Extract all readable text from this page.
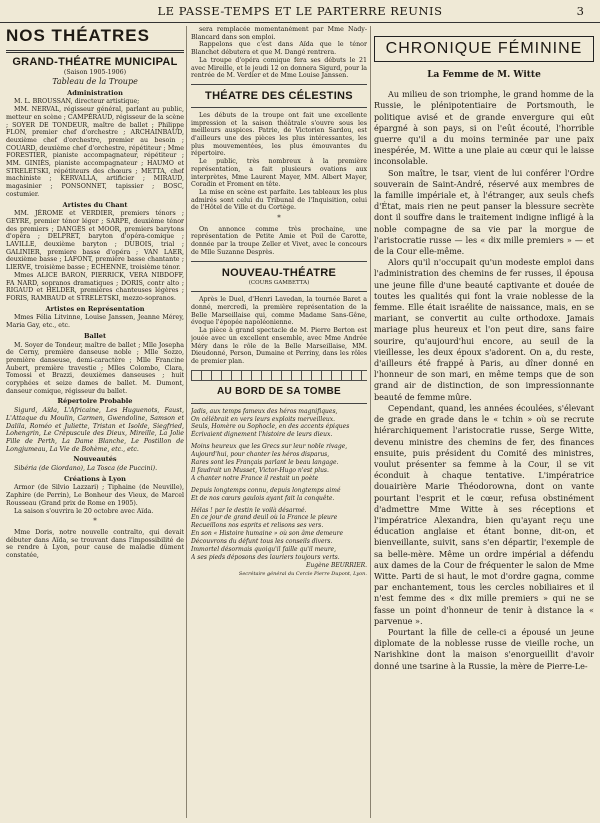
LE PASSE-TEMPS ET LE PARTERRE REUNIS	3

NOS THÉATRES

GRAND-THÉATRE MUNICIPAL

(Saison 1905-1906)

Tableau de la Troupe

Administration

M. L. BROUSSAN, directeur artistique;

MM. NERVAL, régisseur général, parlant au public, metteur en scène ; CAMPÉRAUD, régisseur de la scène ; SOYER DE TONDEUR, maître de ballet ; Philippe FLON, premier chef d'orchestre ; ARCHAINBAUD, deuxième chef d'orchestre, premier au besoin ; COUARD, deuxième chef d'orchestre, répétiteur ; Mme FORESTIER, pianiste accompagnateur, répétiteur ; MM. GINIÈS, pianiste accompagnateur ; HAUMO et STRELETSKI, répétiteurs des chœurs ; METTA, chef machiniste ; KERVALLA, artificier ; MIRAUD, magasinier ; PONSONNET, tapissier ; BOSC, costumier.

Artistes du Chant

MM. JÉROME et VERDIER, premiers ténors ; GEYRE, premier ténor léger ; SARPE, deuxième ténor des premiers ; DANGÈS et MOOR, premiers barytons d'opéra ; DELPRET, baryton d'opéra-comique ; LAVILLE, deuxième baryton ; DUBOIS, trial ; GALINIER, premiere basse d'opéra ; VAN LAER, deuxième basse ; LAFONT, première basse chantante ; LIERVE, troisième basse ; ECHENNE, troisième ténor.

Mmes ALICE BARON, PIERRICK, VERA NIBDOFF, FA NARD, sopranos dramatiques ; DORIS, contr alto ; RIGAUD et HELDER, premières chanteuses légères ; FORIS, RAMBAUD et STRELETSKI, mezzo-sopranos.

Artistes en Représentation

Mmes Félia Litvinne, Louise Janssen, Jeanne Mérey, Maria Gay, etc., etc.

Ballet

M. Soyer de Tondeur, maître de ballet ; Mlle Josepha de Cerny, première danseuse noble ; Mlle Sozzo, première danseuse, demi-caractère ; Mlle Francine Aubert, première travestie ; Mlles Colombo, Clara, Tomossi et Brazzi, deuxièmes danseuses ; huit coryphées et seize dames de ballet. M. Dumont, danseur comique, régisseur du ballet.

Répertoire Probable

Sigurd, Aïda, L'Africaine, Les Huguenots, Faust, L'Attaque du Moulin, Carmen, Gwendoline, Samson et Dalila, Roméo et Juliette, Tristan et Isolde, Siegfried, Lohengrin, Le Crépuscule des Dieux, Mireille, La Jolie Fille de Perth, La Dame Blanche, Le Postillon de Longjumeau, La Vie de Bohème, etc., etc.

Nouveautés

Sibéria (de Giordano), La Tosca (de Puccini).

Créations à Lyon

Armor (de Silvio Lazzari) ; Tiphaine (de Neuville), Zaphire (de Perrin), Le Bonheur des Vieux, de Marcel Rousseau (Grand prix de Rome en 1905).

La saison s'ouvrira le 20 octobre avec Aïda.

*

Mme Doris, notre nouvelle contralto, qui devait débuter dans Aïda, se trouvant dans l'impossibilité de se rendre à Lyon, pour cause de maladie dûment constatée,

sera remplacée momentanément par Mme Nady-Blancard dans son emploi.

Rappelons que c'est dans Aïda que le ténor Blanchet débutera et que M. Dangé rentrera.

La troupe d'opéra comique fera ses débuts le 21 avec Mireille, et le jeudi 12 on donnera Sigurd, pour la rentrée de M. Verdier et de Mme Louise Janssen.

THÉATRE DES CÉLESTINS

Les débuts de la troupe ont fait une excellente impression et la saison théâtrale s'ouvre sous les meilleurs auspices. Patrie, de Victorien Sardou, est d'ailleurs une des pièces les plus intéressantes, les plus mouvementées, les plus émouvantes du répertoire.

Le public, très nombreux à la première représentation, a fait plusieurs ovations aux interprètes, Mme Laurent Mayer, MM. Albert Mayer, Coradin et Froment en tête.

La mise en scène est parfaite. Les tableaux les plus admirés sont celui du Tribunal de l'Inquisition, celui de l'Hôtel de Ville et du Cortège.

*

On annonce comme très prochaine, une représentation de Petite Amie et Poil de Carotte, donnée par la troupe Zeller et Vivet, avec le concours de Mlle Suzanne Desprès.

NOUVEAU-THÉATRE

(COURS GAMBETTA)

Après le Duel, d'Henri Lavedan, la tournée Baret a donné, mercredi, la première représentation de la Belle Marseillaise qui, comme Madame Sans-Gêne, évoque l'épopée napoléonienne.

La pièce à grand spectacle de M. Pierre Berton est jouée avec un excellent ensemble, avec Mme Andrée Méry dans le rôle de la Belle Marseillaise, MM. Dieudonné, Person, Dumaine et Perriny, dans les rôles de premier plan.

AU BORD DE SA TOMBE

Jadis, aux temps fameux des héros magnifiques,

On célébrait en vers leurs exploits merveilleux.

Seuls, Homère ou Sophocle, en des accents épiques

Écrivaient dignement l'histoire de leurs dieux.

Moins heureux que les Grecs sur leur noble rivage,

Aujourd'hui, pour chanter les héros disparus,

Rares sont les Français parlant le beau langage.

Il faudrait un Musset, Victor-Hugo n'est plus.

A chanter notre France il restait un poète

Depuis longtemps connu, depuis longtemps aimé

Et de nos cœurs gaulois ayant fait la conquête.

Hélas ! par le destin le voilà désarmé.

En ce jour de grand deuil où la France le pleure

Recueillons nos esprits et relisons ses vers.

En son « Histoire humaine » où son âme demeure

Découvrons du défunt tous les conseils divers.

Immortel désormais quoiqu'il faille qu'il meure,

A ses pieds déposons des lauriers toujours verts.

Eugène BEURRIER.

Secrétaire général du Cercle Pierre Dupont, Lyon.

CHRONIQUE FÉMININE

La Femme de M. Witte

Au milieu de son triomphe, le grand homme de la Russie, le plénipotentiaire de Portsmouth, le politique avisé et de grande envergure qui eût épargné à son pays, si on l'eût écouté, l'horrible guerre qu'il a du moins terminée par une paix inespérée, M. Witte a une plaie au cœur qui le laisse inconsolable.

Son maître, le tsar, vient de lui conférer l'Ordre souverain de Saint-André, réservé aux membres de la famille impériale et, à l'étranger, aux seuls chefs d'État, mais rien ne peut panser la blessure secrète dont il souffre dans le traitement indigne infligé à la noble compagne de sa vie par la morgue de l'aristocratie russe — les « dix mille premiers » — et de la Cour elle-même.

Alors qu'il n'occupait qu'un modeste emploi dans l'administration des chemins de fer russes, il épousa une jeune fille d'une beauté captivante et douée de toutes les qualités qui font la vraie noblesse de la femme. Elle était israélite de naissance, mais, en se mariant, se convertit au culte orthodoxe. Jamais mariage plus heureux et l'on peut dire, sans faire sourire, qu'aujourd'hui encore, au seuil de la vieillesse, les deux époux s'adorent. On a, du reste, d'ailleurs été frappé à Paris, au dîner donné en l'honneur de son mari, en même temps que de son grand air de distinction, de son impressionnante beauté de femme mûre.

Cependant, quand, les années écoulées, s'élevant de grade en grade dans le « tchin » où se recrute hiérarchiquement l'aristocratie russe, Serge Witte, devenu ministre des chemins de fer, des finances ensuite, puis président du Comité des ministres, voulut présenter sa femme à la Cour, il se vit éconduit à chaque tentative. L'impératrice douairière Marie Théodorowna, dont on vante pourtant l'esprit et le cœur, refusa obstinément d'admettre Mme Witte à ses réceptions et l'impératrice Alexandra, bien qu'ayant reçu une éducation anglaise et étant bonne, dit-on, et bienveillante, suivit, sans s'en départir, l'exemple de sa belle-mère. Même un ordre impérial a défendu aux dames de la Cour de fréquenter le salon de Mme Witte. Parti de si haut, le mot d'ordre gagna, comme par enchantement, tous les cercles nobiliaires et il n'est femme des « dix mille premiers » qui ne se fasse un point d'honneur de tenir à distance la « parvenue ».

Pourtant la fille de celle-ci a épousé un jeune diplomate de la noblesse russe de vieille roche, un Narishkine dont la maison s'enorgueillit d'avoir donné une tsarine à la Russie, la mère de Pierre-Le-
